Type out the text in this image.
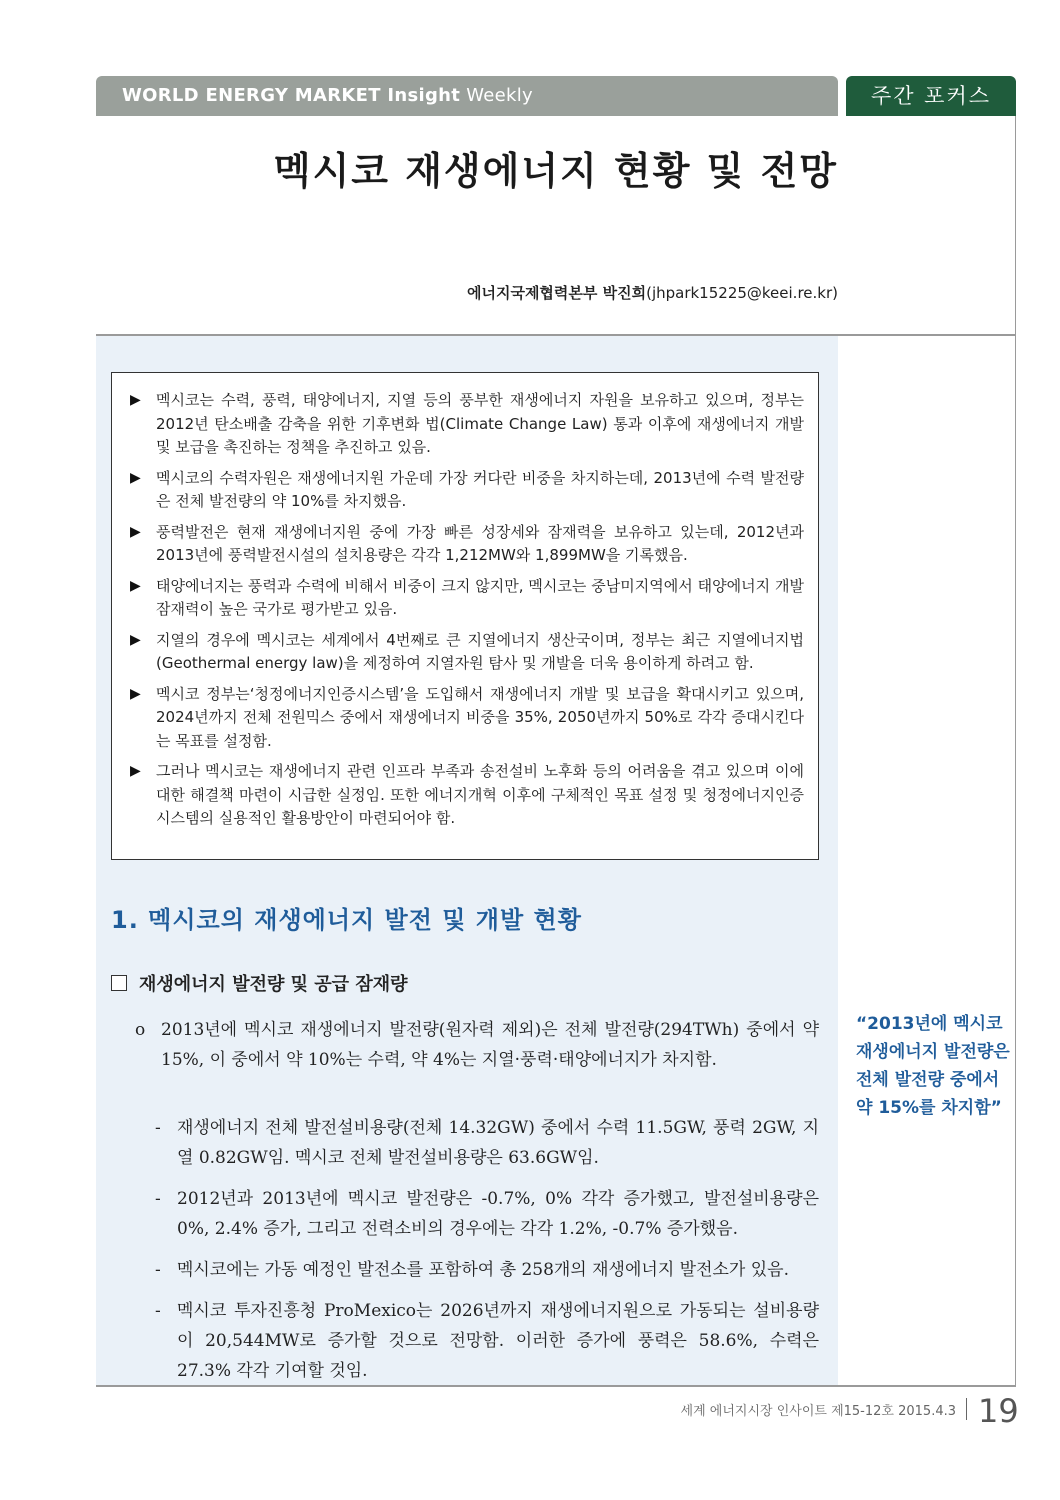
WORLD ENERGY MARKET Insight Weekly	주간 포커스
멕시코 재생에너지 현황 및 전망
에너지국제협력본부 박진희(jhpark15225@keei.re.kr)
▶ 멕시코는 수력, 풍력, 태양에너지, 지열 등의 풍부한 재생에너지 자원을 보유하고 있으며, 정부는 2012년 탄소배출 감축을 위한 기후변화 법(Climate Change Law) 통과 이후에 재생에너지 개발 및 보급을 촉진하는 정책을 추진하고 있음.
▶ 멕시코의 수력자원은 재생에너지원 가운데 가장 커다란 비중을 차지하는데, 2013년에 수력 발전량은 전체 발전량의 약 10%를 차지했음.
▶ 풍력발전은 현재 재생에너지원 중에 가장 빠른 성장세와 잠재력을 보유하고 있는데, 2012년과 2013년에 풍력발전시설의 설치용량은 각각 1,212MW와 1,899MW을 기록했음.
▶ 태양에너지는 풍력과 수력에 비해서 비중이 크지 않지만, 멕시코는 중남미지역에서 태양에너지 개발 잠재력이 높은 국가로 평가받고 있음.
▶ 지열의 경우에 멕시코는 세계에서 4번째로 큰 지열에너지 생산국이며, 정부는 최근 지열에너지법(Geothermal energy law)을 제정하여 지열자원 탐사 및 개발을 더욱 용이하게 하려고 함.
▶ 멕시코 정부는‘청정에너지인증시스템’을 도입해서 재생에너지 개발 및 보급을 확대시키고 있으며, 2024년까지 전체 전원믹스 중에서 재생에너지 비중을 35%, 2050년까지 50%로 각각 증대시킨다는 목표를 설정함.
▶ 그러나 멕시코는 재생에너지 관련 인프라 부족과 송전설비 노후화 등의 어려움을 겪고 있으며 이에 대한 해결책 마련이 시급한 실정임. 또한 에너지개혁 이후에 구체적인 목표 설정 및 청정에너지인증시스템의 실용적인 활용방안이 마련되어야 함.
1. 멕시코의 재생에너지 발전 및 개발 현황
재생에너지 발전량 및 공급 잠재량
o 2013년에 멕시코 재생에너지 발전량(원자력 제외)은 전체 발전량(294TWh) 중에서 약 15%, 이 중에서 약 10%는 수력, 약 4%는 지열·풍력·태양에너지가 차지함.
- 재생에너지 전체 발전설비용량(전체 14.32GW) 중에서 수력 11.5GW, 풍력 2GW, 지열 0.82GW임. 멕시코 전체 발전설비용량은 63.6GW임.
- 2012년과 2013년에 멕시코 발전량은 -0.7%, 0% 각각 증가했고, 발전설비용량은 0%, 2.4% 증가, 그리고 전력소비의 경우에는 각각 1.2%, -0.7% 증가했음.
- 멕시코에는 가동 예정인 발전소를 포함하여 총 258개의 재생에너지 발전소가 있음.
- 멕시코 투자진흥청 ProMexico는 2026년까지 재생에너지원으로 가동되는 설비용량이 20,544MW로 증가할 것으로 전망함. 이러한 증가에 풍력은 58.6%, 수력은 27.3% 각각 기여할 것임.
“2013년에 멕시코 재생에너지 발전량은 전체 발전량 중에서 약 15%를 차지함”
세계 에너지시장 인사이트 제15-12호 2015.4.3 19
